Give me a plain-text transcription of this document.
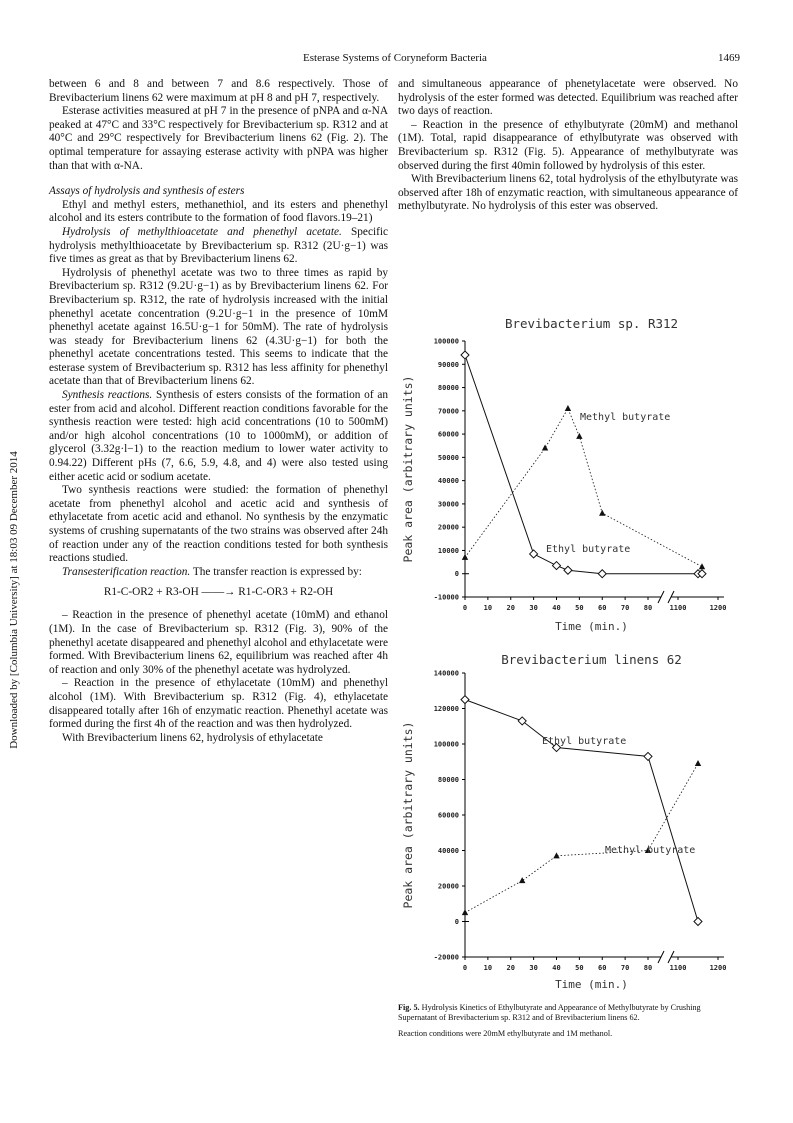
Esterase Systems of Coryneform Bacteria	1469
Downloaded by [Columbia University] at 18:03 09 December 2014

between 6 and 8 and between 7 and 8.6 respectively. Those of Brevibacterium linens 62 were maximum at pH 8 and pH 7, respectively.

Esterase activities measured at pH 7 in the presence of pNPA and α-NA peaked at 47°C and 33°C respectively for Brevibacterium sp. R312 and at 40°C and 29°C respectively for Brevibacterium linens 62 (Fig. 2). The optimal temperature for assaying esterase activity with pNPA was higher than that with α-NA.

Assays of hydrolysis and synthesis of esters

Ethyl and methyl esters, methanethiol, and its esters and phenethyl alcohol and its esters contribute to the formation of food flavors.19–21)

Hydrolysis of methylthioacetate and phenethyl acetate. Specific hydrolysis methylthioacetate by Brevibacterium sp. R312 (2U·g−1) was five times as great as that by Brevibacterium linens 62.

Hydrolysis of phenethyl acetate was two to three times as rapid by Brevibacterium sp. R312 (9.2U·g−1) as by Brevibacterium linens 62. For Brevibacterium sp. R312, the rate of hydrolysis increased with the initial phenethyl acetate concentration (9.2U·g−1 in the presence of 10mM phenethyl acetate against 16.5U·g−1 for 50mM). The rate of hydrolysis was steady for Brevibacterium linens 62 (4.3U·g−1) for both the phenethyl acetate concentrations tested. This seems to indicate that the esterase system of Brevibacterium sp. R312 has less affinity for phenethyl acetate than that of Brevibacterium linens 62.

Synthesis reactions. Synthesis of esters consists of the formation of an ester from acid and alcohol. Different reaction conditions favorable for the synthesis reaction were tested: high acid concentrations (10 to 500mM) and/or high alcohol concentrations (10 to 1000mM), or addition of glycerol (3.32g·l−1) to the reaction medium to lower water activity to 0.94.22) Different pHs (7, 6.6, 5.9, 4.8, and 4) were also tested using either acetic acid or sodium acetate.

Two synthesis reactions were studied: the formation of phenethyl acetate from phenethyl alcohol and acetic acid and synthesis of ethylacetate from acetic acid and ethanol. No synthesis by the enzymatic systems of crushing supernatants of the two strains was observed after 24h of reaction under any of the reaction conditions tested for both synthesis reactions studied.

Transesterification reaction. The transfer reaction is expressed by:

R1-C-OR2 + R3-OH ——→ R1-C-OR3 + R2-OH

– Reaction in the presence of phenethyl acetate (10mM) and ethanol (1M). In the case of Brevibacterium sp. R312 (Fig. 3), 90% of the phenethyl acetate disappeared and phenethyl alcohol and ethylacetate were formed. With Brevibacterium linens 62, equilibrium was reached after 4h of reaction and only 30% of the phenethyl acetate was hydrolyzed.

– Reaction in the presence of ethylacetate (10mM) and phenethyl alcohol (1M). With Brevibacterium sp. R312 (Fig. 4), ethylacetate disappeared totally after 16h of enzymatic reaction. Phenethyl acetate was formed during the first 4h of the reaction and was then hydrolyzed.

With Brevibacterium linens 62, hydrolysis of ethylacetate

and simultaneous appearance of phenetylacetate were observed. No hydrolysis of the ester formed was detected. Equilibrium was reached after two days of reaction.

– Reaction in the presence of ethylbutyrate (20mM) and methanol (1M). Total, rapid disappearance of ethylbutyrate was observed with Brevibacterium sp. R312 (Fig. 5). Appearance of methylbutyrate was observed during the first 40min followed by hydrolysis of this ester.

With Brevibacterium linens 62, total hydrolysis of the ethylbutyrate was observed after 18h of enzymatic reaction, with simultaneous appearance of methylbutyrate. No hydrolysis of this ester was observed.

Brevibacterium sp. R312
100000
90000
80000
70000
60000
50000
40000
30000
20000
10000
0
-10000
0 10 20 30 40 50 60 70 80 1100	1200
Time (min.)
Peak area (arbitrary units)	Ethyl butyrate
Methyl butyrate
Brevibacterium linens 62
140000
120000
100000
80000
60000
40000
20000
0
-20000
0 10 20 30 40 50 60 70 80 1100	1200
Time (min.)
Peak area (arbitrary units)	Ethyl butyrate
Methyl butyrate
Fig. 5. Hydrolysis Kinetics of Ethylbutyrate and Appearance of Methylbutyrate by Crushing Supernatant of Brevibacterium sp. R312 and of Brevibacterium linens 62.
Reaction conditions were 20mM ethylbutyrate and 1M methanol.
